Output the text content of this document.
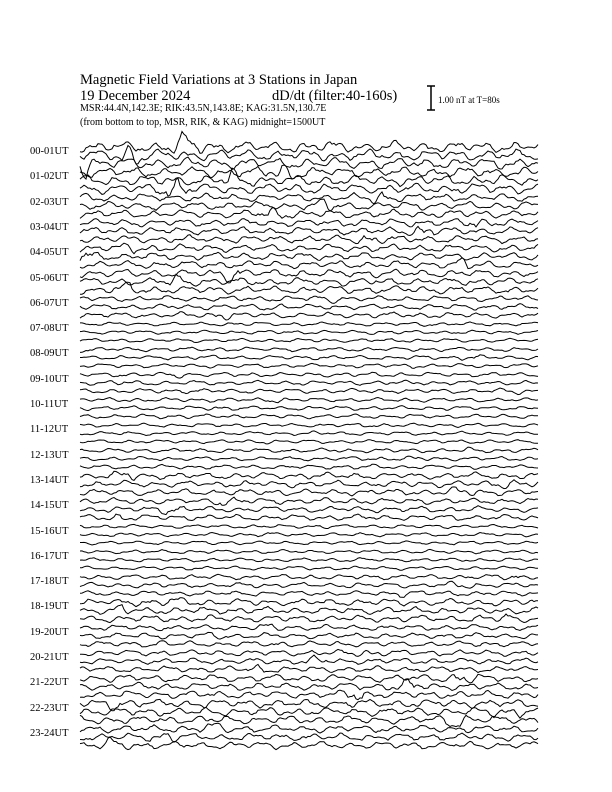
Magnetic Field Variations at 3 Stations in Japan
19 December 2024	dD/dt (filter:40-160s)
MSR:44.4N,142.3E; RIK:43.5N,143.8E; KAG:31.5N,130.7E
(from bottom to top, MSR, RIK, & KAG) midnight=1500UT
1.00 nT at T=80s
00-01UT
01-02UT
02-03UT
03-04UT
04-05UT
05-06UT
06-07UT
07-08UT
08-09UT
09-10UT
10-11UT
11-12UT
12-13UT
13-14UT
14-15UT
15-16UT
16-17UT
17-18UT
18-19UT
19-20UT
20-21UT
21-22UT
22-23UT
23-24UT
